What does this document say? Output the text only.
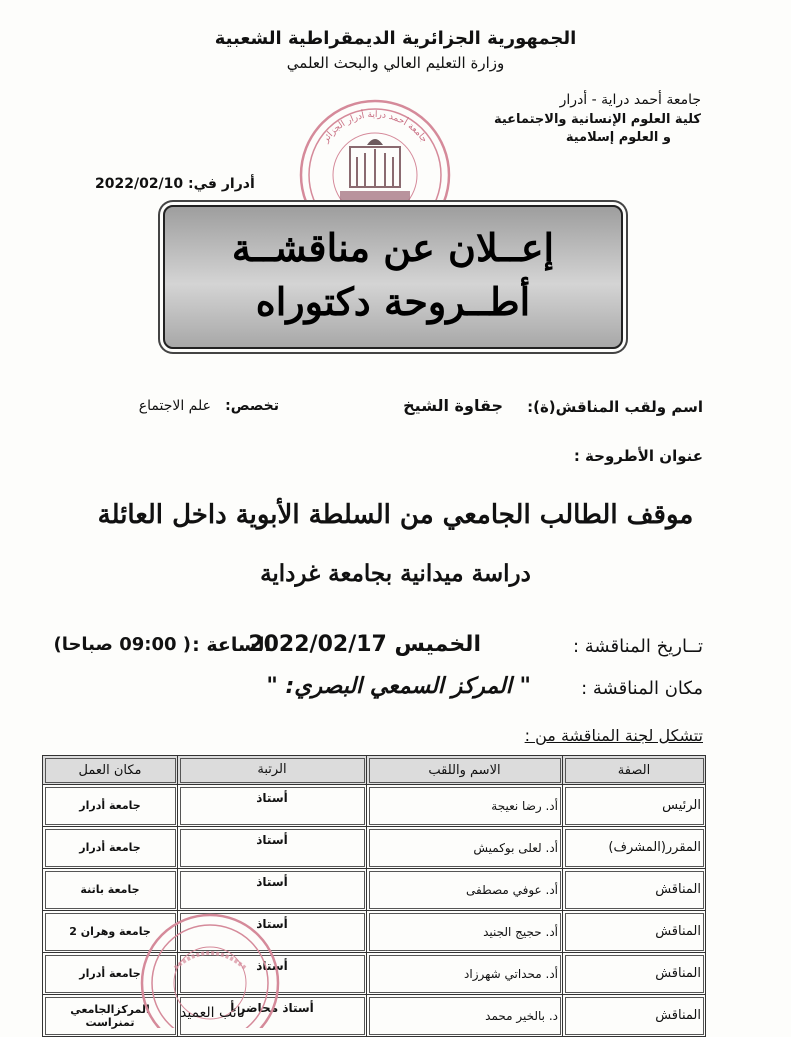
الجمهورية الجزائرية الديمقراطية الشعبية
وزارة التعليم العالي والبحث العلمي
جامعة أحمد دراية - أدرار
كلية العلوم الإنسانية والاجتماعية
و العلوم إسلامية
أدرار في: 2022/02/10
جامعة أحمد دراية أدرار الجزائر
إعــلان عن مناقشــة
أطــروحة دكتوراه
اسم ولقب المناقش(ة):
جقاوة الشيخ
تخصص:
علم الاجتماع
عنوان الأطروحة :
موقف الطالب الجامعي من السلطة الأبوية داخل العائلة
دراسة ميدانية بجامعة غرداية
تــاريخ المناقشة :
الخميس 2022/02/17
الساعة :
( 09:00 صباحا)
مكان المناقشة :
" المركز السمعي البصري: "
تتشكل لجنة المناقشة من :
الصفة	الاسم واللقب	الرتبة	مكان العمل
الرئيس	أد. رضا نعيجة	أستاذ	جامعة أدرار
المقرر(المشرف)	أد. لعلى بوكميش	أستاذ	جامعة أدرار
المناقش	أد. عوفي مصطفى	أستاذ	جامعة باتنة
المناقش	أد. حجيج الجنيد	أستاذ	جامعة وهران 2
المناقش	أد. محداتي شهرزاد	أستاذ	جامعة أدرار
المناقش	د. بالخير محمد	أستاذ محاضر أ	المركزالجامعي تمنراست
نائب العميد
